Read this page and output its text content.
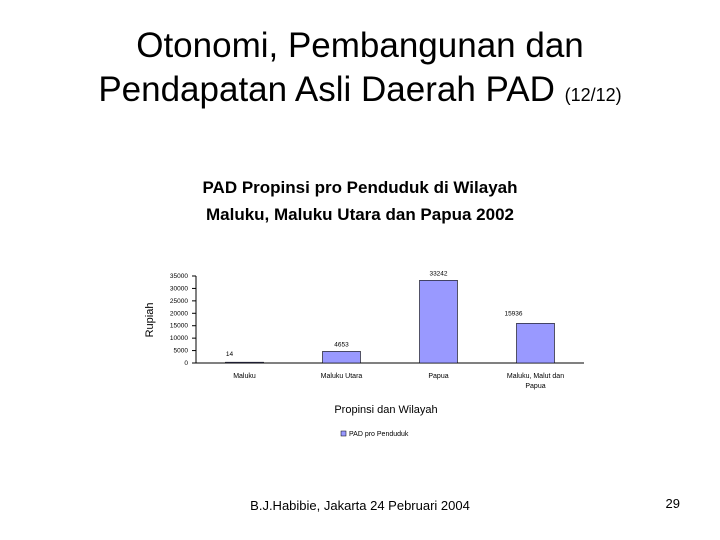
Otonomi, Pembangunan dan
Pendapatan Asli Daerah PAD (12/12)
PAD Propinsi pro Penduduk di Wilayah Maluku, Maluku Utara dan Papua 2002
0
5000
10000
15000
20000
25000
30000
35000
Rupiah
14
Maluku
4653
Maluku Utara
33242
Papua
15936
Maluku, Malut dan Papua
Propinsi dan Wilayah
PAD pro Penduduk
B.J.Habibie, Jakarta 24 Pebruari 2004	29
